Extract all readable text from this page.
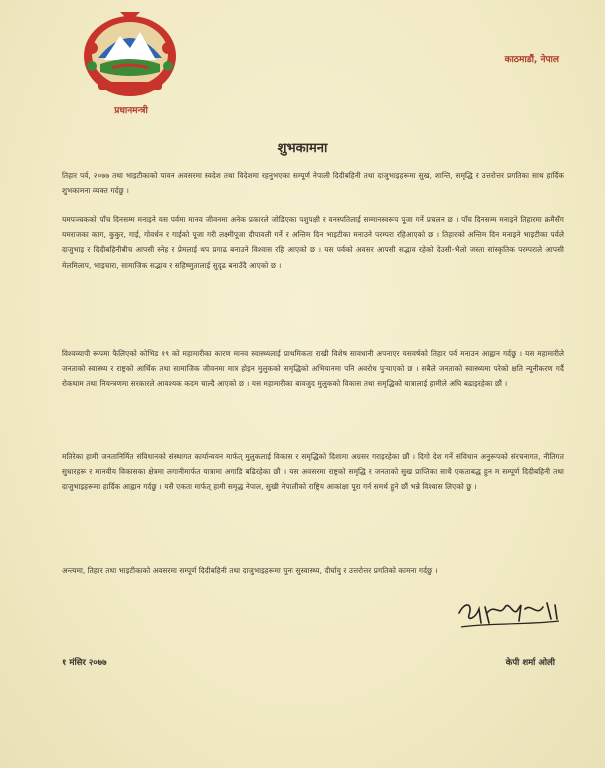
प्रधानमन्त्री
काठमाडौं, नेपाल
शुभकामना
तिहार पर्व, २०७७ तथा भाइटीकाको पावन अवसरमा स्वदेश तथा विदेशमा रहनुभएका सम्पूर्ण नेपाली दिदीबहिनी तथा दाजुभाइहरूमा सुख, शान्ति, समृद्धि र उत्तरोत्तर प्रगतिका साथ हार्दिक शुभकामना व्यक्त गर्दछु ।
यमपञ्चकको पाँच दिनसम्म मनाइने यस पर्वमा मानव जीवनमा अनेक प्रकारले जोडिएका पशुपक्षी र वनस्पतिलाई सम्मानस्वरूप पूजा गर्ने प्रचलन छ । पाँच दिनसम्म मनाइने तिहारमा क्रमैसँग यमराजका काग, कुकुर, गाई, गोवर्धन र गाईको पूजा गरी लक्ष्मीपूजा दीपावली गर्ने र अन्तिम दिन भाइटीका मनाउने परम्परा रहिआएको छ । तिहारको अन्तिम दिन मनाइने भाइटीका पर्वले दाजुभाइ र दिदीबहिनीबीच आपसी स्नेह र प्रेमलाई थप प्रगाढ बनाउने विश्वास रहि आएको छ । यस पर्वको अवसर आपसी सद्भाव रहेको देउसी-भैलो जस्ता सांस्कृतिक परम्पराले आपसी मेलमिलाप, भाइचारा, सामाजिक सद्भाव र सहिष्णुतालाई सुदृढ बनाउँदै आएको छ ।
विश्वव्यापी रूपमा फैलिएको कोभिड १९ को महामारीका कारण मानव स्वास्थ्यलाई प्राथमिकता राखी विशेष सावधानी अपनाएर यसवर्षको तिहार पर्व मनाउन आह्वान गर्दछु । यस महामारीले जनताको स्वास्थ्य र राष्ट्रको आर्थिक तथा सामाजिक जीवनमा मात्र होइन मुलुकको समृद्धिको अभियानमा पनि अवरोध पुऱ्याएको छ । सबैले जनताको स्वास्थ्यमा परेको क्षति न्यूनीकरण गर्दै रोकथाम तथा नियन्त्रणमा सरकारले आवश्यक कदम चाल्दै आएको छ । यस महामारीका बावजुद मुलुकको विकास तथा समृद्धिको यात्रालाई हामीले अघि बढाइरहेका छौं ।
मतिरेका हामी जनतानिर्मित संविधानको संस्थागत कार्यान्वयन मार्फत् मुलुकलाई विकास र समृद्धिको दिशामा अग्रसर गराइरहेका छौं । दिगो देश गर्ने संविधान अनुरूपको संरचनागत, नीतिगत सुधारहरू र मानवीय विकासका क्षेत्रमा लगानीमार्फत यात्रामा अगाडि बढिरहेका छौं । यस अवसरमा राष्ट्रको समृद्धि र जनताको सुख प्राप्तिका साथै एकताबद्ध हुन म सम्पूर्ण दिदीबहिनी तथा दाजुभाइहरूमा हार्दिक आह्वान गर्दछु । यसै एकता मार्फत् हामी समृद्ध नेपाल, सुखी नेपालीको राष्ट्रिय आकांक्षा पूरा गर्न समर्थ हुने छौं भन्ने विश्वास लिएको छु ।
अन्त्यमा, तिहार तथा भाइटीकाको अवसरमा सम्पूर्ण दिदीबहिनी तथा दाजुभाइहरूमा पुनः सुस्वास्थ्य, दीर्घायु र उत्तरोत्तर प्रगतिको कामना गर्दछु ।
१ मंसिर २०७७	केपी शर्मा ओली
